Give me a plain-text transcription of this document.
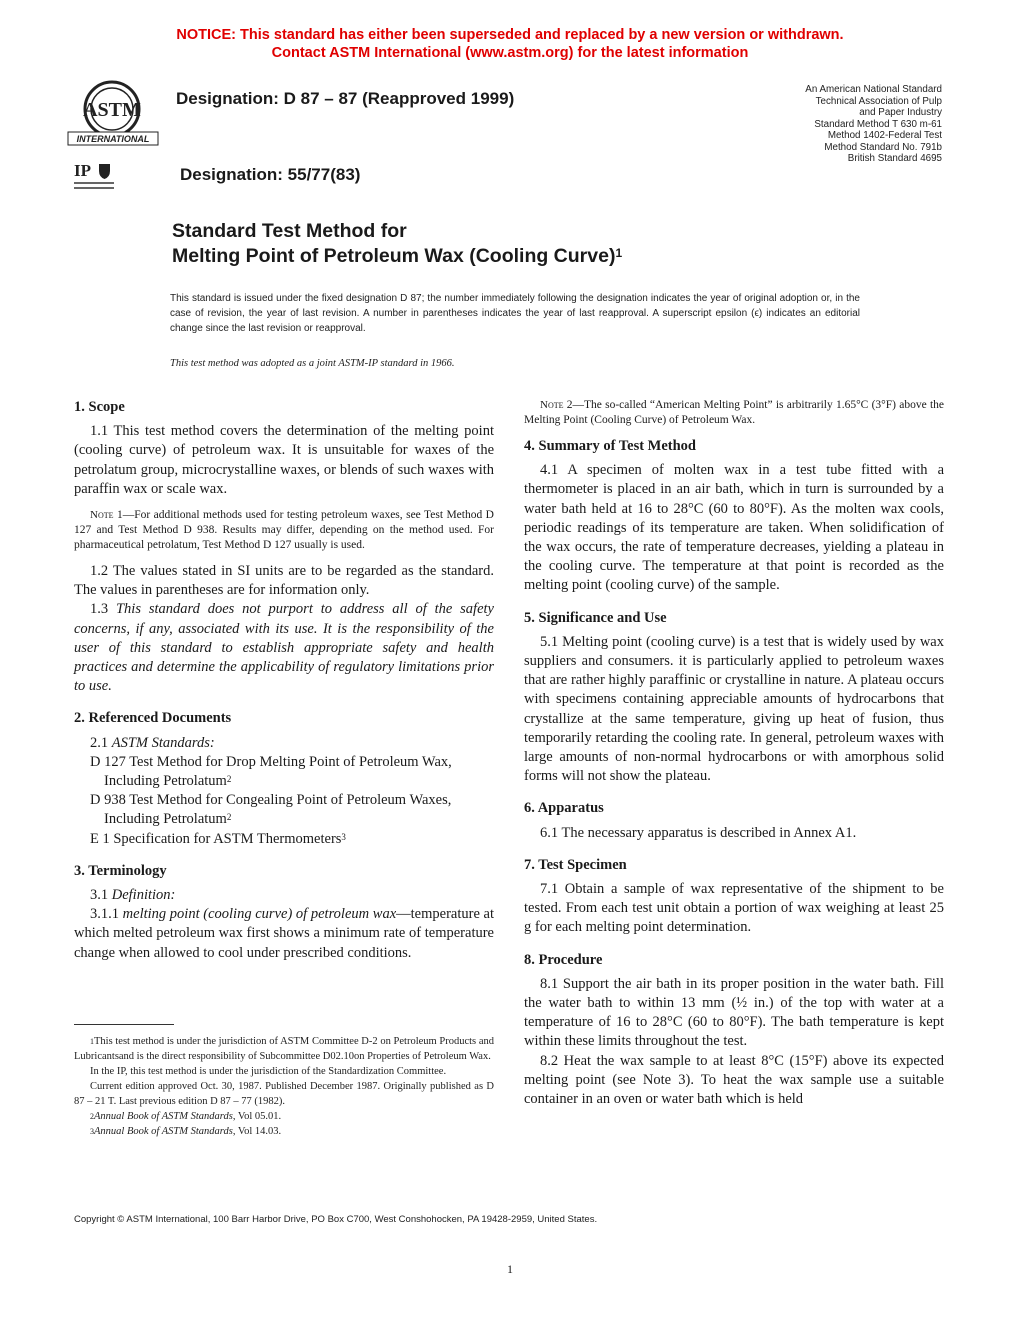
NOTICE: This standard has either been superseded and replaced by a new version or withdrawn.
Contact ASTM International (www.astm.org) for the latest information
ASTM
INTERNATIONAL
IP
Designation: D 87 – 87 (Reapproved 1999)
Designation: 55/77(83)
An American National Standard
Technical Association of Pulp
and Paper Industry
Standard Method T 630 m-61
Method 1402-Federal Test
Method Standard No. 791b
British Standard 4695
Standard Test Method for
Melting Point of Petroleum Wax (Cooling Curve)$^1$
This standard is issued under the fixed designation D 87; the number immediately following the designation indicates the year of original adoption or, in the case of revision, the year of last revision. A number in parentheses indicates the year of last reapproval. A superscript epsilon (ϵ) indicates an editorial change since the last revision or reapproval.
This test method was adopted as a joint ASTM-IP standard in 1966.
1. Scope

1.1 This test method covers the determination of the melting point (cooling curve) of petroleum wax. It is unsuitable for waxes of the petrolatum group, microcrystalline waxes, or blends of such waxes with paraffin wax or scale wax.

Note 1—For additional methods used for testing petroleum waxes, see Test Method D 127 and Test Method D 938. Results may differ, depending on the method used. For pharmaceutical petrolatum, Test Method D 127 usually is used.

1.2 The values stated in SI units are to be regarded as the standard. The values in parentheses are for information only.

1.3 This standard does not purport to address all of the safety concerns, if any, associated with its use. It is the responsibility of the user of this standard to establish appropriate safety and health practices and determine the applicability of regulatory limitations prior to use.

2. Referenced Documents

2.1 ASTM Standards:

D 127 Test Method for Drop Melting Point of Petroleum Wax, Including Petrolatum$^2$

D 938 Test Method for Congealing Point of Petroleum Waxes, Including Petrolatum$^2$

E 1 Specification for ASTM Thermometers$^3$

3. Terminology

3.1 Definition:

3.1.1 melting point (cooling curve) of petroleum wax—temperature at which melted petroleum wax first shows a minimum rate of temperature change when allowed to cool under prescribed conditions.

$^1$This test method is under the jurisdiction of ASTM Committee D-2 on Petroleum Products and Lubricantsand is the direct responsibility of Subcommittee D02.10on Properties of Petroleum Wax.

In the IP, this test method is under the jurisdiction of the Standardization Committee.

Current edition approved Oct. 30, 1987. Published December 1987. Originally published as D 87 – 21 T. Last previous edition D 87 – 77 (1982).

$^2$Annual Book of ASTM Standards, Vol 05.01.

$^3$Annual Book of ASTM Standards, Vol 14.03.

Note 2—The so-called “American Melting Point” is arbitrarily 1.65°C (3°F) above the Melting Point (Cooling Curve) of Petroleum Wax.

4. Summary of Test Method

4.1 A specimen of molten wax in a test tube fitted with a thermometer is placed in an air bath, which in turn is surrounded by a water bath held at 16 to 28°C (60 to 80°F). As the molten wax cools, periodic readings of its temperature are taken. When solidification of the wax occurs, the rate of temperature decreases, yielding a plateau in the cooling curve. The temperature at that point is recorded as the melting point (cooling curve) of the sample.

5. Significance and Use

5.1 Melting point (cooling curve) is a test that is widely used by wax suppliers and consumers. it is particularly applied to petroleum waxes that are rather highly paraffinic or crystalline in nature. A plateau occurs with specimens containing appreciable amounts of hydrocarbons that crystallize at the same temperature, giving up heat of fusion, thus temporarily retarding the cooling rate. In general, petroleum waxes with large amounts of non-normal hydrocarbons or with amorphous solid forms will not show the plateau.

6. Apparatus

6.1 The necessary apparatus is described in Annex A1.

7. Test Specimen

7.1 Obtain a sample of wax representative of the shipment to be tested. From each test unit obtain a portion of wax weighing at least 25 g for each melting point determination.

8. Procedure

8.1 Support the air bath in its proper position in the water bath. Fill the water bath to within 13 mm (½ in.) of the top with water at a temperature of 16 to 28°C (60 to 80°F). The bath temperature is kept within these limits throughout the test.

8.2 Heat the wax sample to at least 8°C (15°F) above its expected melting point (see Note 3). To heat the wax sample use a suitable container in an oven or water bath which is held

Copyright © ASTM International, 100 Barr Harbor Drive, PO Box C700, West Conshohocken, PA 19428-2959, United States.
1
